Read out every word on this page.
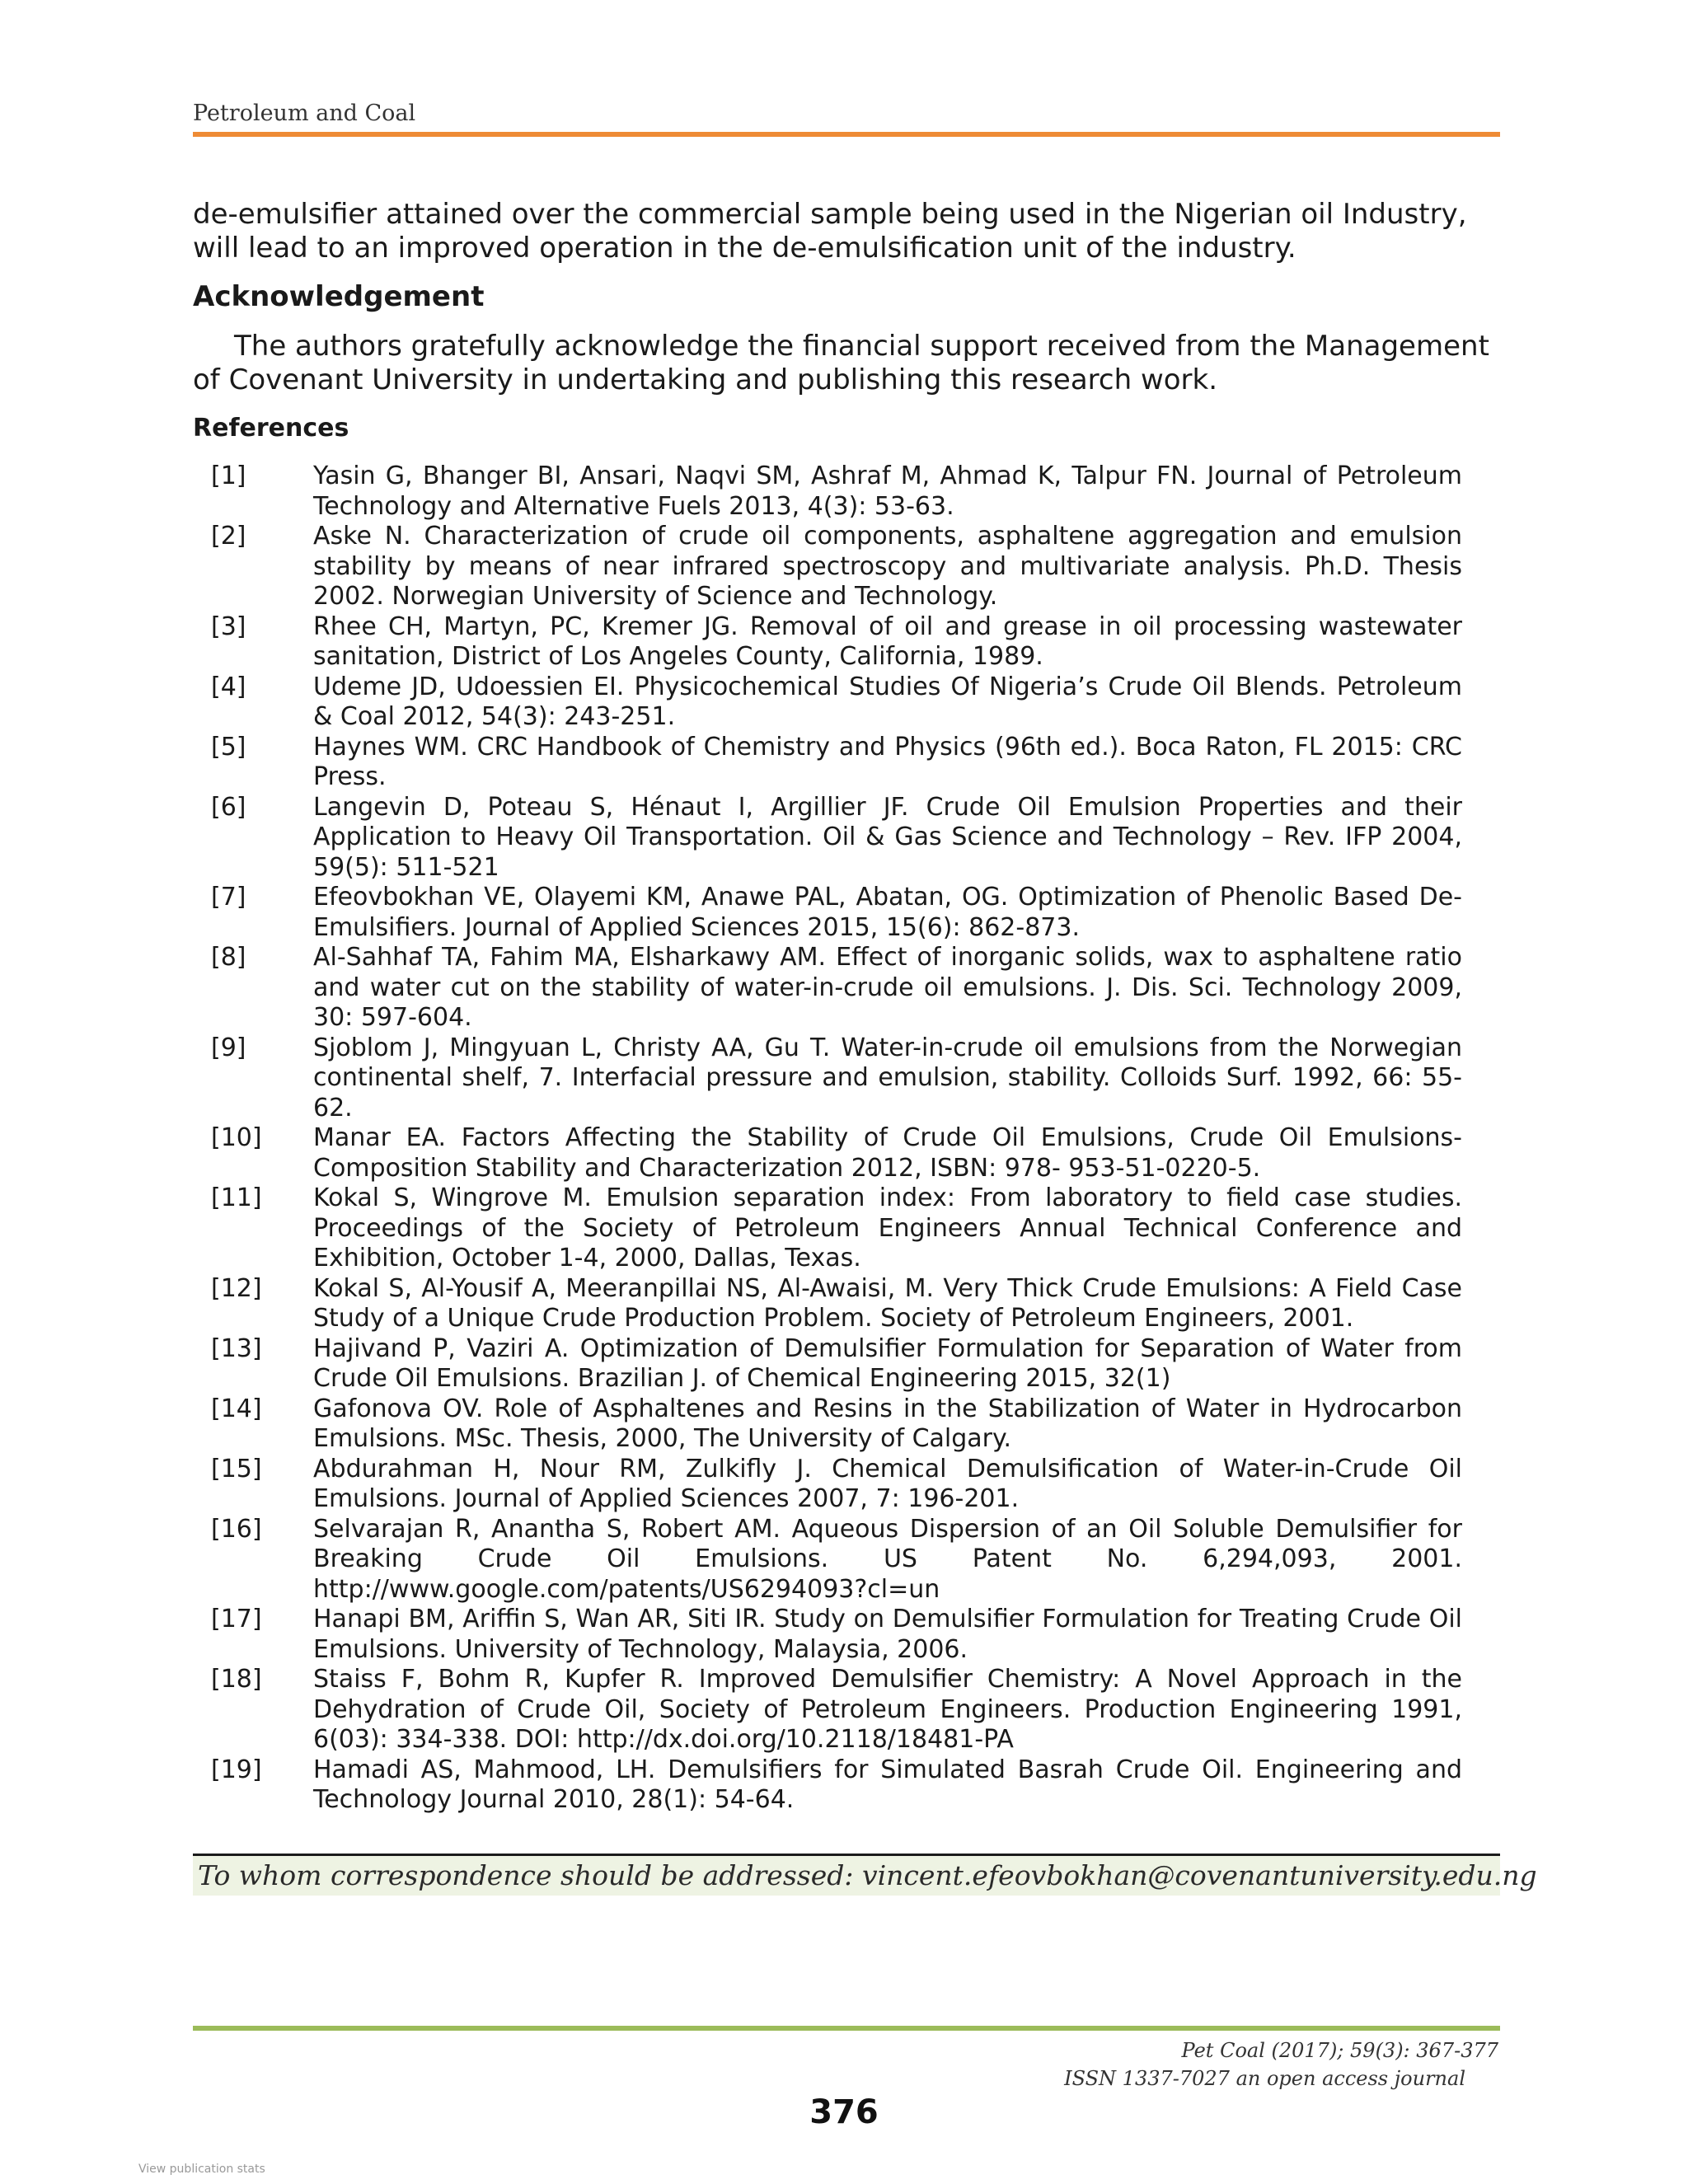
Petroleum and Coal
de-emulsifier attained over the commercial sample being used in the Nigerian oil Industry, will lead to an improved operation in the de-emulsification unit of the industry.
Acknowledgement
The authors gratefully acknowledge the financial support received from the Management of Covenant University in undertaking and publishing this research work.
References
[1]	Yasin G, Bhanger BI, Ansari, Naqvi SM, Ashraf M, Ahmad K, Talpur FN. Journal of Petroleum Technology and Alternative Fuels 2013, 4(3): 53-63.
[2]	Aske N. Characterization of crude oil components, asphaltene aggregation and emulsion stability by means of near infrared spectroscopy and multivariate analysis. Ph.D. Thesis 2002. Norwegian University of Science and Technology.
[3]	Rhee CH, Martyn, PC, Kremer JG. Removal of oil and grease in oil processing wastewater sanitation, District of Los Angeles County, California, 1989.
[4]	Udeme JD, Udoessien EI. Physicochemical Studies Of Nigeria’s Crude Oil Blends. Petroleum & Coal 2012, 54(3): 243-251.
[5]	Haynes WM. CRC Handbook of Chemistry and Physics (96th ed.). Boca Raton, FL 2015: CRC Press.
[6]	Langevin D, Poteau S, Hénaut I, Argillier JF. Crude Oil Emulsion Properties and their Application to Heavy Oil Transportation. Oil & Gas Science and Technology – Rev. IFP 2004, 59(5): 511-521
[7]	Efeovbokhan VE, Olayemi KM, Anawe PAL, Abatan, OG. Optimization of Phenolic Based De-Emulsifiers. Journal of Applied Sciences 2015, 15(6): 862-873.
[8]	Al-Sahhaf TA, Fahim MA, Elsharkawy AM. Effect of inorganic solids, wax to asphaltene ratio and water cut on the stability of water-in-crude oil emulsions. J. Dis. Sci. Technology 2009, 30: 597-604.
[9]	Sjoblom J, Mingyuan L, Christy AA, Gu T. Water-in-crude oil emulsions from the Norwegian continental shelf, 7. Interfacial pressure and emulsion, stability. Colloids Surf. 1992, 66: 55-62.
[10]	Manar EA. Factors Affecting the Stability of Crude Oil Emulsions, Crude Oil Emulsions-Composition Stability and Characterization 2012, ISBN: 978- 953-51-0220-5.
[11]	Kokal S, Wingrove M. Emulsion separation index: From laboratory to field case studies. Proceedings of the Society of Petroleum Engineers Annual Technical Conference and Exhibition, October 1-4, 2000, Dallas, Texas.
[12]	Kokal S, Al-Yousif A, Meeranpillai NS, Al-Awaisi, M. Very Thick Crude Emulsions: A Field Case Study of a Unique Crude Production Problem. Society of Petroleum Engineers, 2001.
[13]	Hajivand P, Vaziri A. Optimization of Demulsifier Formulation for Separation of Water from Crude Oil Emulsions. Brazilian J. of Chemical Engineering 2015, 32(1)
[14]	Gafonova OV. Role of Asphaltenes and Resins in the Stabilization of Water in Hydrocarbon Emulsions. MSc. Thesis, 2000, The University of Calgary.
[15]	Abdurahman H, Nour RM, Zulkifly J. Chemical Demulsification of Water-in-Crude Oil Emulsions. Journal of Applied Sciences 2007, 7: 196-201.
[16]	Selvarajan R, Anantha S, Robert AM. Aqueous Dispersion of an Oil Soluble Demulsifier for Breaking Crude Oil Emulsions. US Patent No. 6,294,093, 2001. http://www.google.com/patents/US6294093?cl=un
[17]	Hanapi BM, Ariffin S, Wan AR, Siti IR. Study on Demulsifier Formulation for Treating Crude Oil Emulsions. University of Technology, Malaysia, 2006.
[18]	Staiss F, Bohm R, Kupfer R. Improved Demulsifier Chemistry: A Novel Approach in the Dehydration of Crude Oil, Society of Petroleum Engineers. Production Engineering 1991, 6(03): 334-338. DOI: http://dx.doi.org/10.2118/18481-PA
[19]	Hamadi AS, Mahmood, LH. Demulsifiers for Simulated Basrah Crude Oil. Engineering and Technology Journal 2010, 28(1): 54-64.
To whom correspondence should be addressed: vincent.efeovbokhan@covenantuniversity.edu.ng
Pet Coal (2017); 59(3): 367-377
ISSN 1337-7027 an open access journal
376
View publication stats
